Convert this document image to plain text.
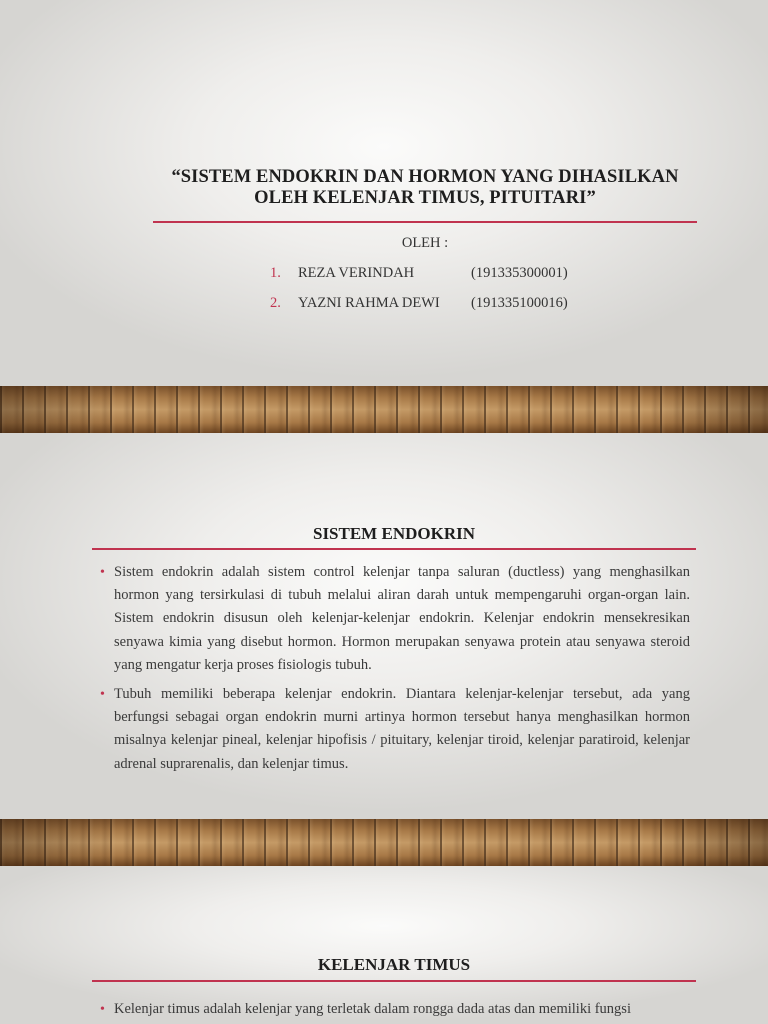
“SISTEM ENDOKRIN DAN HORMON YANG DIHASILKAN
OLEH KELENJAR TIMUS, PITUITARI”
OLEH :
1. REZA VERINDAH	(191335300001)
2. YAZNI RAHMA DEWI (191335100016)
SISTEM ENDOKRIN
• Sistem endokrin adalah sistem control kelenjar tanpa saluran (ductless) yang menghasilkan hormon yang tersirkulasi di tubuh melalui aliran darah untuk mempengaruhi organ-organ lain. Sistem endokrin disusun oleh kelenjar-kelenjar endokrin. Kelenjar endokrin mensekresikan senyawa kimia yang disebut hormon. Hormon merupakan senyawa protein atau senyawa steroid yang mengatur kerja proses fisiologis tubuh.
• Tubuh memiliki beberapa kelenjar endokrin. Diantara kelenjar-kelenjar tersebut, ada yang berfungsi sebagai organ endokrin murni artinya hormon tersebut hanya menghasilkan hormon misalnya kelenjar pineal, kelenjar hipofisis / pituitary, kelenjar tiroid, kelenjar paratiroid, kelenjar adrenal suprarenalis, dan kelenjar timus.
KELENJAR TIMUS
• Kelenjar timus adalah kelenjar yang terletak dalam rongga dada atas dan memiliki fungsi
